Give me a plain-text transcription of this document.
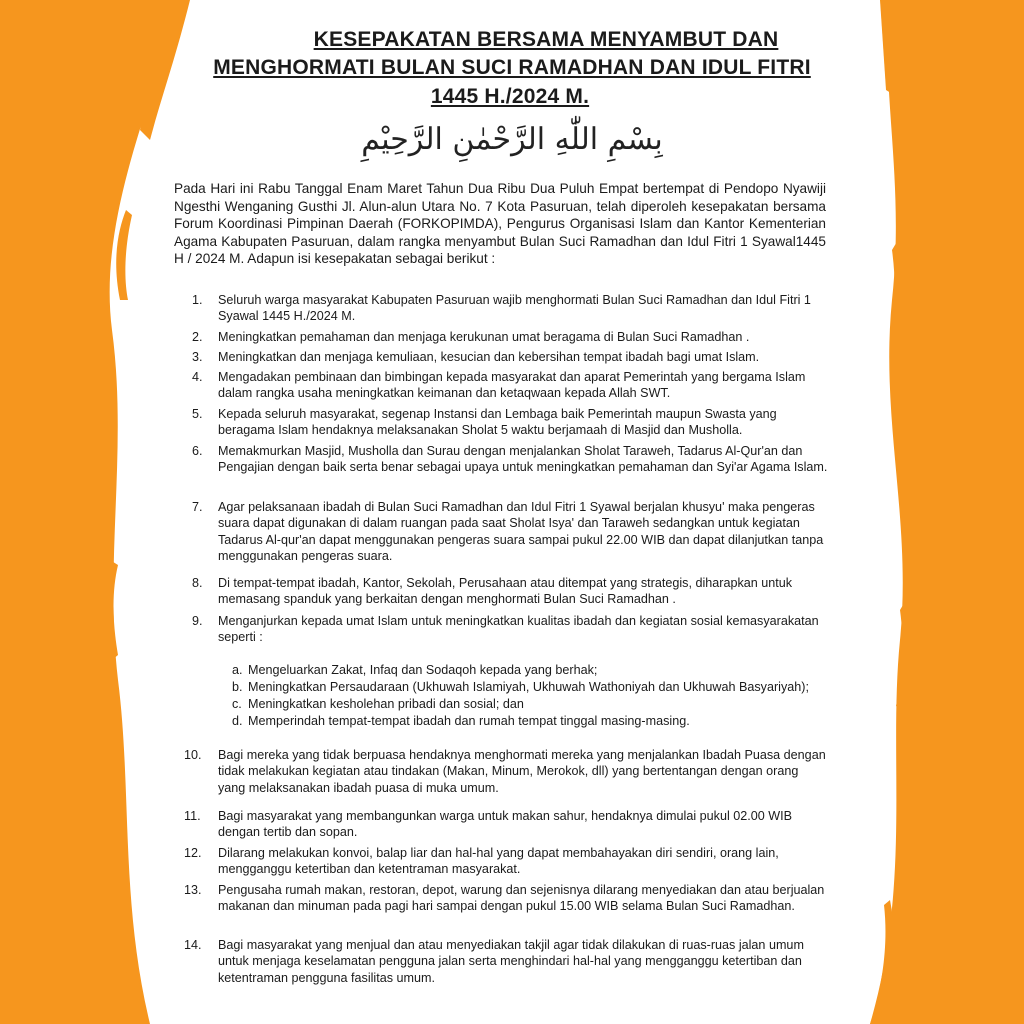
KESEPAKATAN BERSAMA MENYAMBUT DAN
MENGHORMATI BULAN SUCI RAMADHAN DAN IDUL FITRI
1445 H./2024 M.
بِسْمِ اللّٰهِ الرَّحْمٰنِ الرَّحِيْمِ

Pada Hari ini Rabu Tanggal Enam Maret Tahun Dua Ribu Dua Puluh Empat bertempat di Pendopo Nyawiji Ngesthi Wenganing Gusthi Jl. Alun-alun Utara No. 7 Kota Pasuruan, telah diperoleh kesepakatan bersama Forum Koordinasi Pimpinan Daerah (FORKOPIMDA), Pengurus Organisasi Islam dan Kantor Kementerian Agama Kabupaten Pasuruan, dalam rangka menyambut Bulan Suci Ramadhan dan Idul Fitri 1 Syawal1445 H / 2024 M. Adapun isi kesepakatan sebagai berikut :

1.	Seluruh warga masyarakat Kabupaten Pasuruan wajib menghormati Bulan Suci Ramadhan dan Idul Fitri 1 Syawal 1445 H./2024 M.
2.	Meningkatkan pemahaman dan menjaga kerukunan umat beragama di Bulan Suci Ramadhan .
3.	Meningkatkan dan menjaga kemuliaan, kesucian dan kebersihan tempat ibadah bagi umat Islam.
4.	Mengadakan pembinaan dan bimbingan kepada masyarakat dan aparat Pemerintah yang bergama Islam dalam rangka usaha meningkatkan keimanan dan ketaqwaan kepada Allah SWT.
5.	Kepada seluruh masyarakat, segenap Instansi dan Lembaga baik Pemerintah maupun Swasta yang beragama Islam hendaknya melaksanakan Sholat 5 waktu berjamaah di Masjid dan Musholla.
6.	Memakmurkan Masjid, Musholla dan Surau dengan menjalankan Sholat Taraweh, Tadarus Al-Qur'an dan Pengajian dengan baik serta benar sebagai upaya untuk meningkatkan pemahaman dan Syi'ar Agama Islam.
7.	Agar pelaksanaan ibadah di Bulan Suci Ramadhan dan Idul Fitri 1 Syawal berjalan khusyu' maka pengeras suara dapat digunakan di dalam ruangan pada saat Sholat Isya' dan Taraweh sedangkan untuk kegiatan Tadarus Al-qur'an dapat menggunakan pengeras suara sampai pukul 22.00 WIB dan dapat dilanjutkan tanpa menggunakan pengeras suara.
8.	Di tempat-tempat ibadah, Kantor, Sekolah, Perusahaan atau ditempat yang strategis, diharapkan untuk memasang spanduk yang berkaitan dengan menghormati Bulan Suci Ramadhan .
9.	Menganjurkan kepada umat Islam untuk meningkatkan kualitas ibadah dan kegiatan sosial kemasyarakatan seperti :
10. Bagi mereka yang tidak berpuasa hendaknya menghormati mereka yang menjalankan Ibadah Puasa dengan tidak melakukan kegiatan atau tindakan (Makan, Minum, Merokok, dll) yang bertentangan dengan orang yang melaksanakan ibadah puasa di muka umum.
11. Bagi masyarakat yang membangunkan warga untuk makan sahur, hendaknya dimulai pukul 02.00 WIB dengan tertib dan sopan.
12. Dilarang melakukan konvoi, balap liar dan hal-hal yang dapat membahayakan diri sendiri, orang lain, mengganggu ketertiban dan ketentraman masyarakat.
13. Pengusaha rumah makan, restoran, depot, warung dan sejenisnya dilarang menyediakan dan atau berjualan makanan dan minuman pada pagi hari sampai dengan pukul 15.00 WIB selama Bulan Suci Ramadhan.
14. Bagi masyarakat yang menjual dan atau menyediakan takjil agar tidak dilakukan di ruas-ruas jalan umum untuk menjaga keselamatan pengguna jalan serta menghindari hal-hal yang mengganggu ketertiban dan ketentraman pengguna fasilitas umum.
a. Mengeluarkan Zakat, Infaq dan Sodaqoh kepada yang berhak;
b. Meningkatkan Persaudaraan (Ukhuwah Islamiyah, Ukhuwah Wathoniyah dan Ukhuwah Basyariyah);
c. Meningkatkan kesholehan pribadi dan sosial; dan
d. Memperindah tempat-tempat ibadah dan rumah tempat tinggal masing-masing.
